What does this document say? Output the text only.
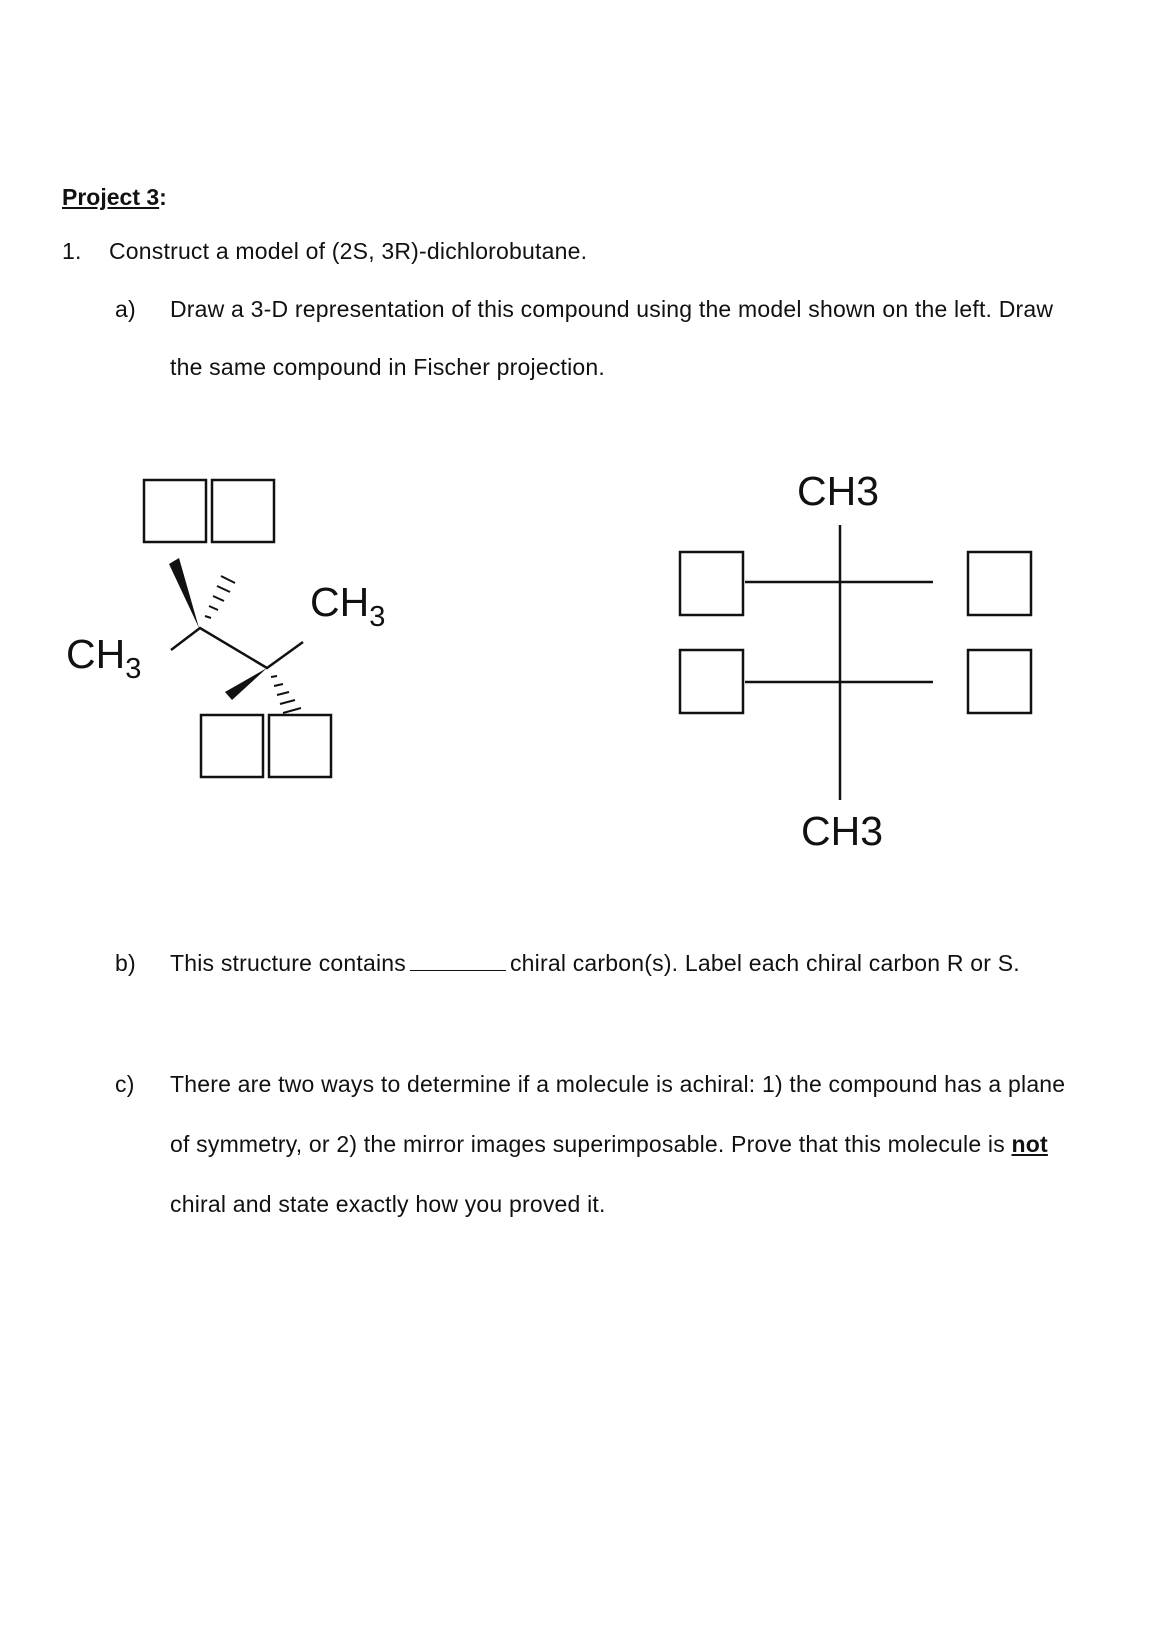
Project 3:
1. Construct a model of (2S, 3R)-dichlorobutane.
a) Draw a 3-D representation of this compound using the model shown on the left. Draw
the same compound in Fischer projection.
$CH_3$
$CH_3$
CH3
CH3
b) This structure contains	chiral carbon(s). Label each chiral carbon R or S.
c) There are two ways to determine if a molecule is achiral: 1) the compound has a plane
of symmetry, or 2) the mirror images superimposable. Prove that this molecule is not
chiral and state exactly how you proved it.
